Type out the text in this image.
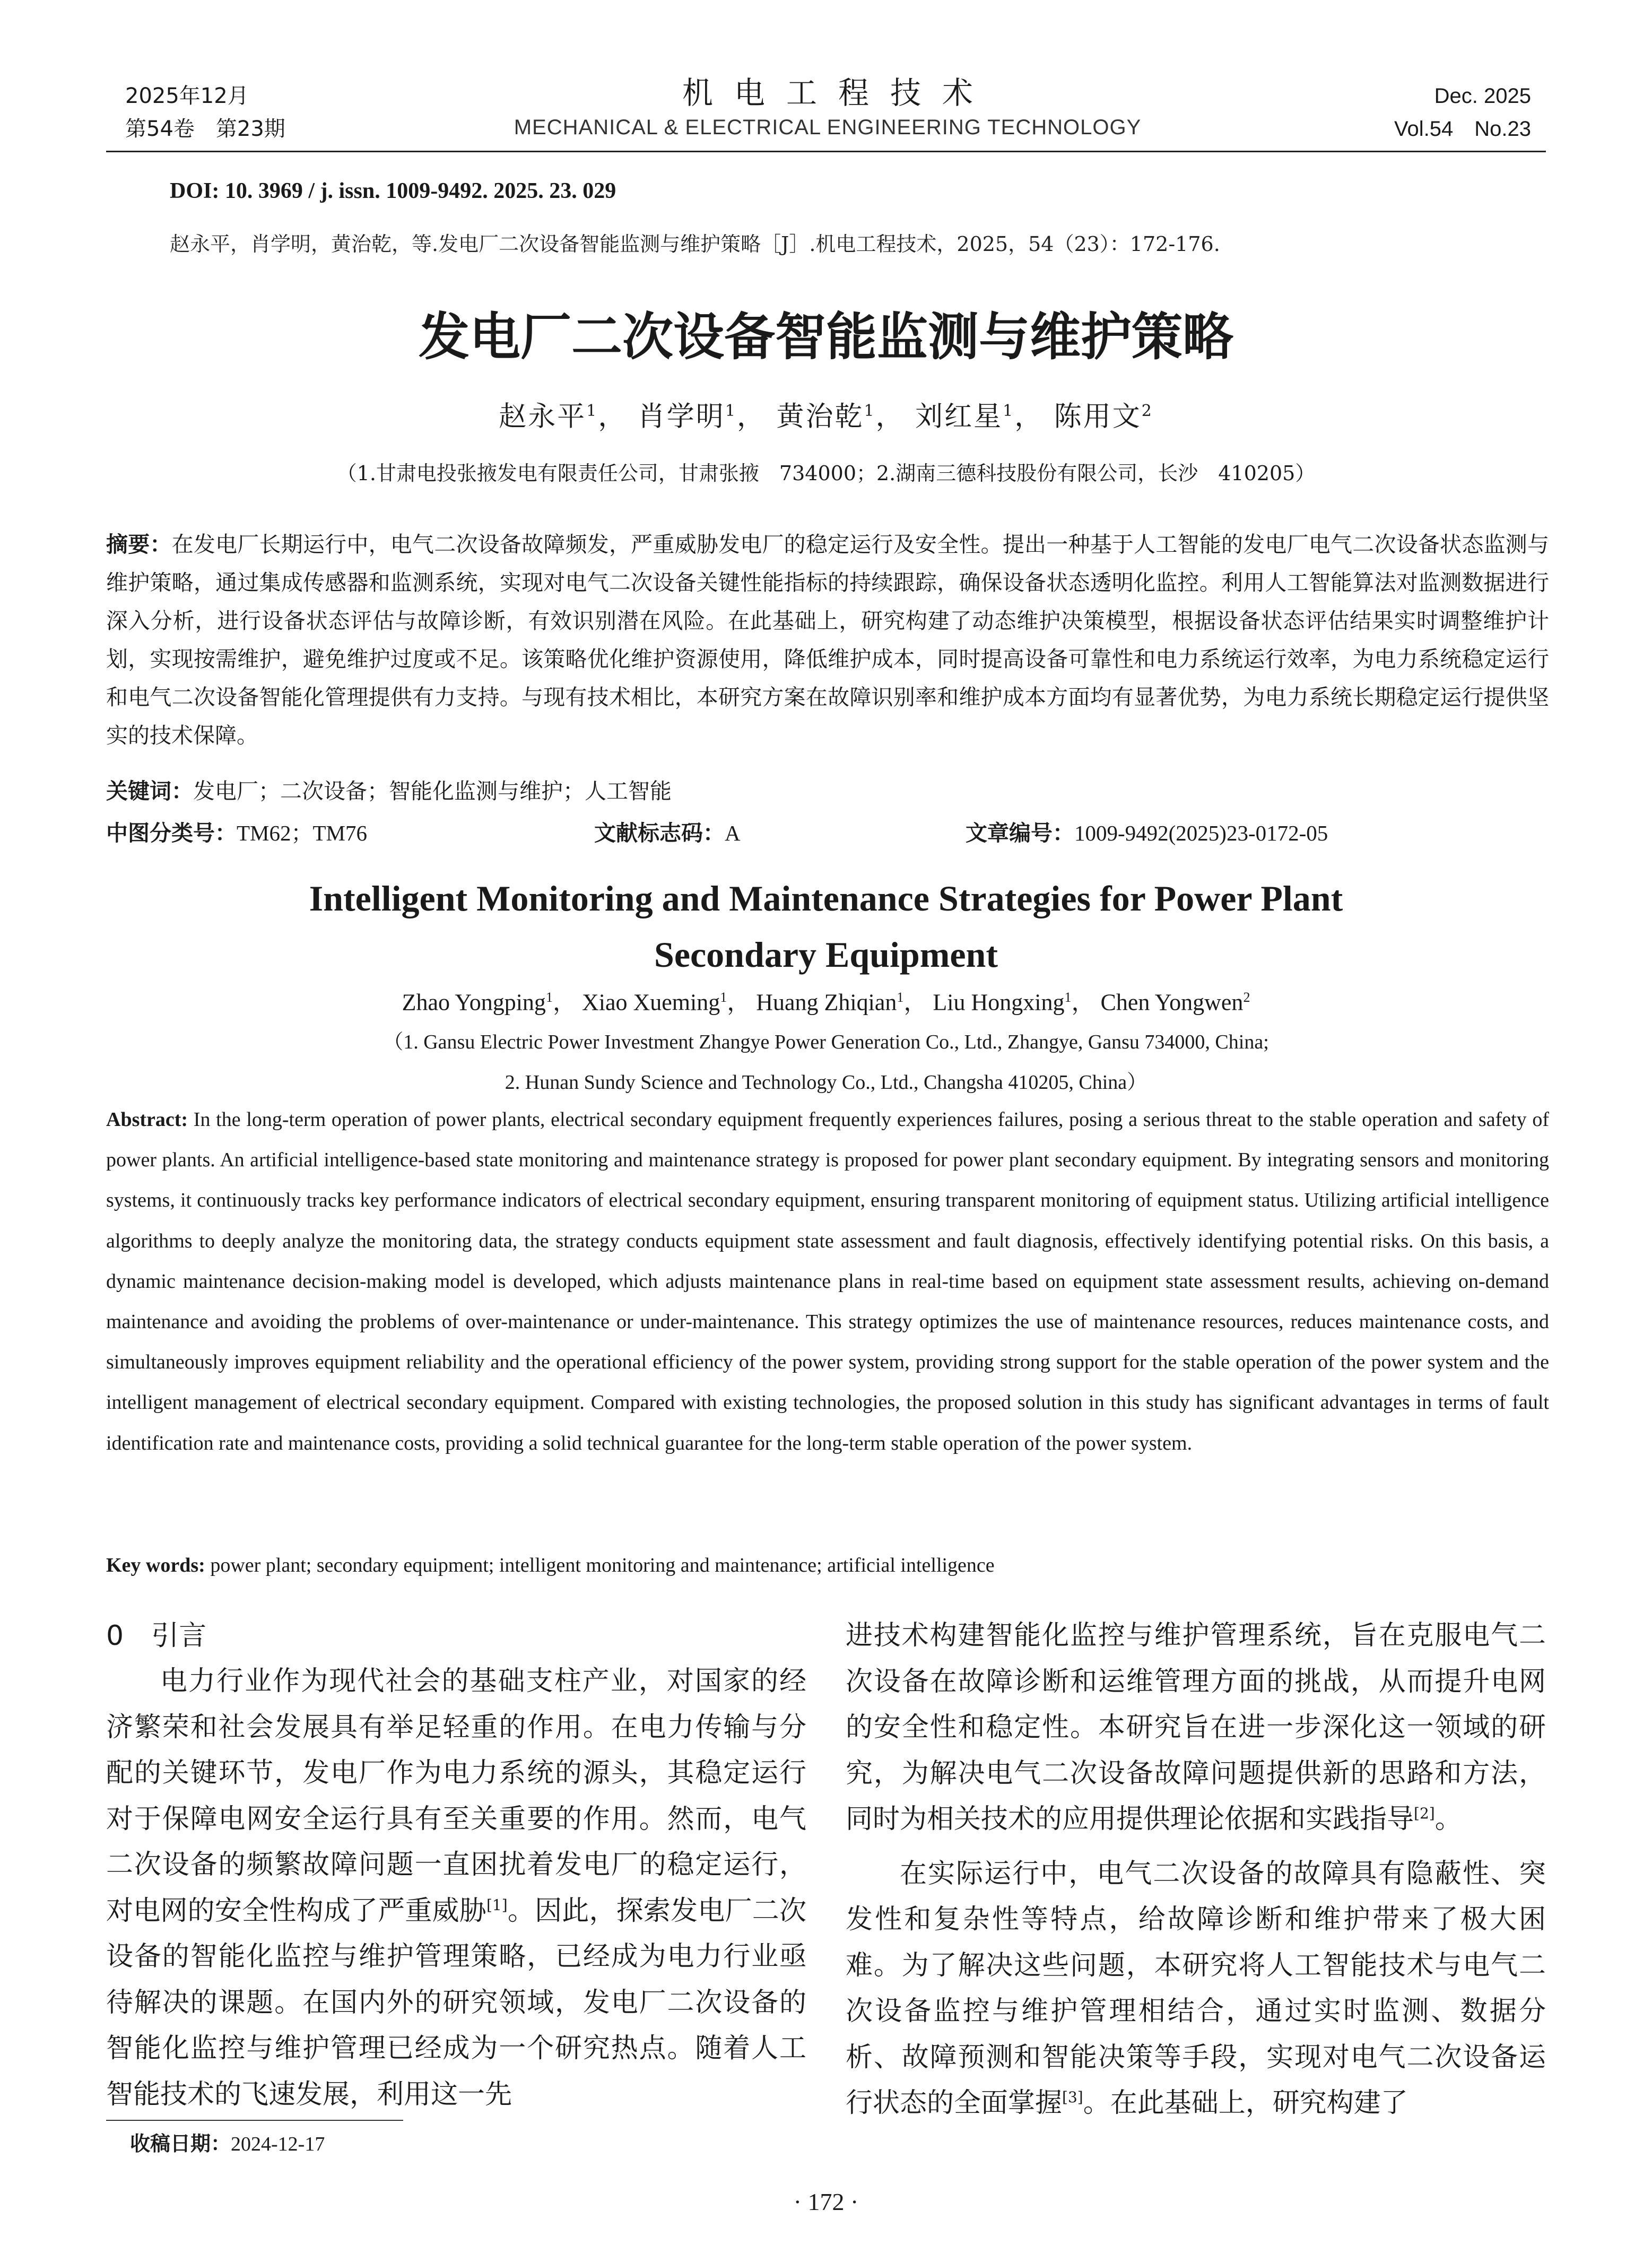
2025年12月
第54卷　第23期
机电工程技术
MECHANICAL & ELECTRICAL ENGINEERING TECHNOLOGY
Dec. 2025
Vol.54　No.23
DOI: 10. 3969 / j. issn. 1009-9492. 2025. 23. 029
赵永平，肖学明，黄治乾，等.发电厂二次设备智能监测与维护策略［J］.机电工程技术，2025，54（23）：172-176.
发电厂二次设备智能监测与维护策略
赵永平$^1$， 肖学明$^1$， 黄治乾$^1$， 刘红星$^1$， 陈用文$^2$
（1.甘肃电投张掖发电有限责任公司，甘肃张掖　734000；2.湖南三德科技股份有限公司，长沙　410205）
摘要：在发电厂长期运行中，电气二次设备故障频发，严重威胁发电厂的稳定运行及安全性。提出一种基于人工智能的发电厂电气二次设备状态监测与维护策略，通过集成传感器和监测系统，实现对电气二次设备关键性能指标的持续跟踪，确保设备状态透明化监控。利用人工智能算法对监测数据进行深入分析，进行设备状态评估与故障诊断，有效识别潜在风险。在此基础上，研究构建了动态维护决策模型，根据设备状态评估结果实时调整维护计划，实现按需维护，避免维护过度或不足。该策略优化维护资源使用，降低维护成本，同时提高设备可靠性和电力系统运行效率，为电力系统稳定运行和电气二次设备智能化管理提供有力支持。与现有技术相比，本研究方案在故障识别率和维护成本方面均有显著优势，为电力系统长期稳定运行提供坚实的技术保障。
关键词：发电厂；二次设备；智能化监测与维护；人工智能
中图分类号：TM62；TM76	文献标志码：A	文章编号：1009-9492(2025)23-0172-05
Intelligent Monitoring and Maintenance Strategies for Power Plant
Secondary Equipment
Zhao Yongping$^1$， Xiao Xueming$^1$， Huang Zhiqian$^1$， Liu Hongxing$^1$， Chen Yongwen$^2$
（1. Gansu Electric Power Investment Zhangye Power Generation Co., Ltd., Zhangye, Gansu 734000, China;
2. Hunan Sundy Science and Technology Co., Ltd., Changsha 410205, China）
Abstract: In the long-term operation of power plants, electrical secondary equipment frequently experiences failures, posing a serious threat to the stable operation and safety of power plants. An artificial intelligence-based state monitoring and maintenance strategy is proposed for power plant secondary equipment. By integrating sensors and monitoring systems, it continuously tracks key performance indicators of electrical secondary equipment, ensuring transparent monitoring of equipment status. Utilizing artificial intelligence algorithms to deeply analyze the monitoring data, the strategy conducts equipment state assessment and fault diagnosis, effectively identifying potential risks. On this basis, a dynamic maintenance decision-making model is developed, which adjusts maintenance plans in real-time based on equipment state assessment results, achieving on-demand maintenance and avoiding the problems of over-maintenance or under-maintenance. This strategy optimizes the use of maintenance resources, reduces maintenance costs, and simultaneously improves equipment reliability and the operational efficiency of the power system, providing strong support for the stable operation of the power system and the intelligent management of electrical secondary equipment. Compared with existing technologies, the proposed solution in this study has significant advantages in terms of fault identification rate and maintenance costs, providing a solid technical guarantee for the long-term stable operation of the power system.
Key words: power plant; secondary equipment; intelligent monitoring and maintenance; artificial intelligence
0　引言

电力行业作为现代社会的基础支柱产业，对国家的经济繁荣和社会发展具有举足轻重的作用。在电力传输与分配的关键环节，发电厂作为电力系统的源头，其稳定运行对于保障电网安全运行具有至关重要的作用。然而，电气二次设备的频繁故障问题一直困扰着发电厂的稳定运行，对电网的安全性构成了严重威胁[1]。因此，探索发电厂二次设备的智能化监控与维护管理策略，已经成为电力行业亟待解决的课题。在国内外的研究领域，发电厂二次设备的智能化监控与维护管理已经成为一个研究热点。随着人工智能技术的飞速发展，利用这一先

进技术构建智能化监控与维护管理系统，旨在克服电气二次设备在故障诊断和运维管理方面的挑战，从而提升电网的安全性和稳定性。本研究旨在进一步深化这一领域的研究，为解决电气二次设备故障问题提供新的思路和方法，同时为相关技术的应用提供理论依据和实践指导[2]。

在实际运行中，电气二次设备的故障具有隐蔽性、突发性和复杂性等特点，给故障诊断和维护带来了极大困难。为了解决这些问题，本研究将人工智能技术与电气二次设备监控与维护管理相结合，通过实时监测、数据分析、故障预测和智能决策等手段，实现对电气二次设备运行状态的全面掌握[3]。在此基础上，研究构建了

收稿日期：2024-12-17
· 172 ·
